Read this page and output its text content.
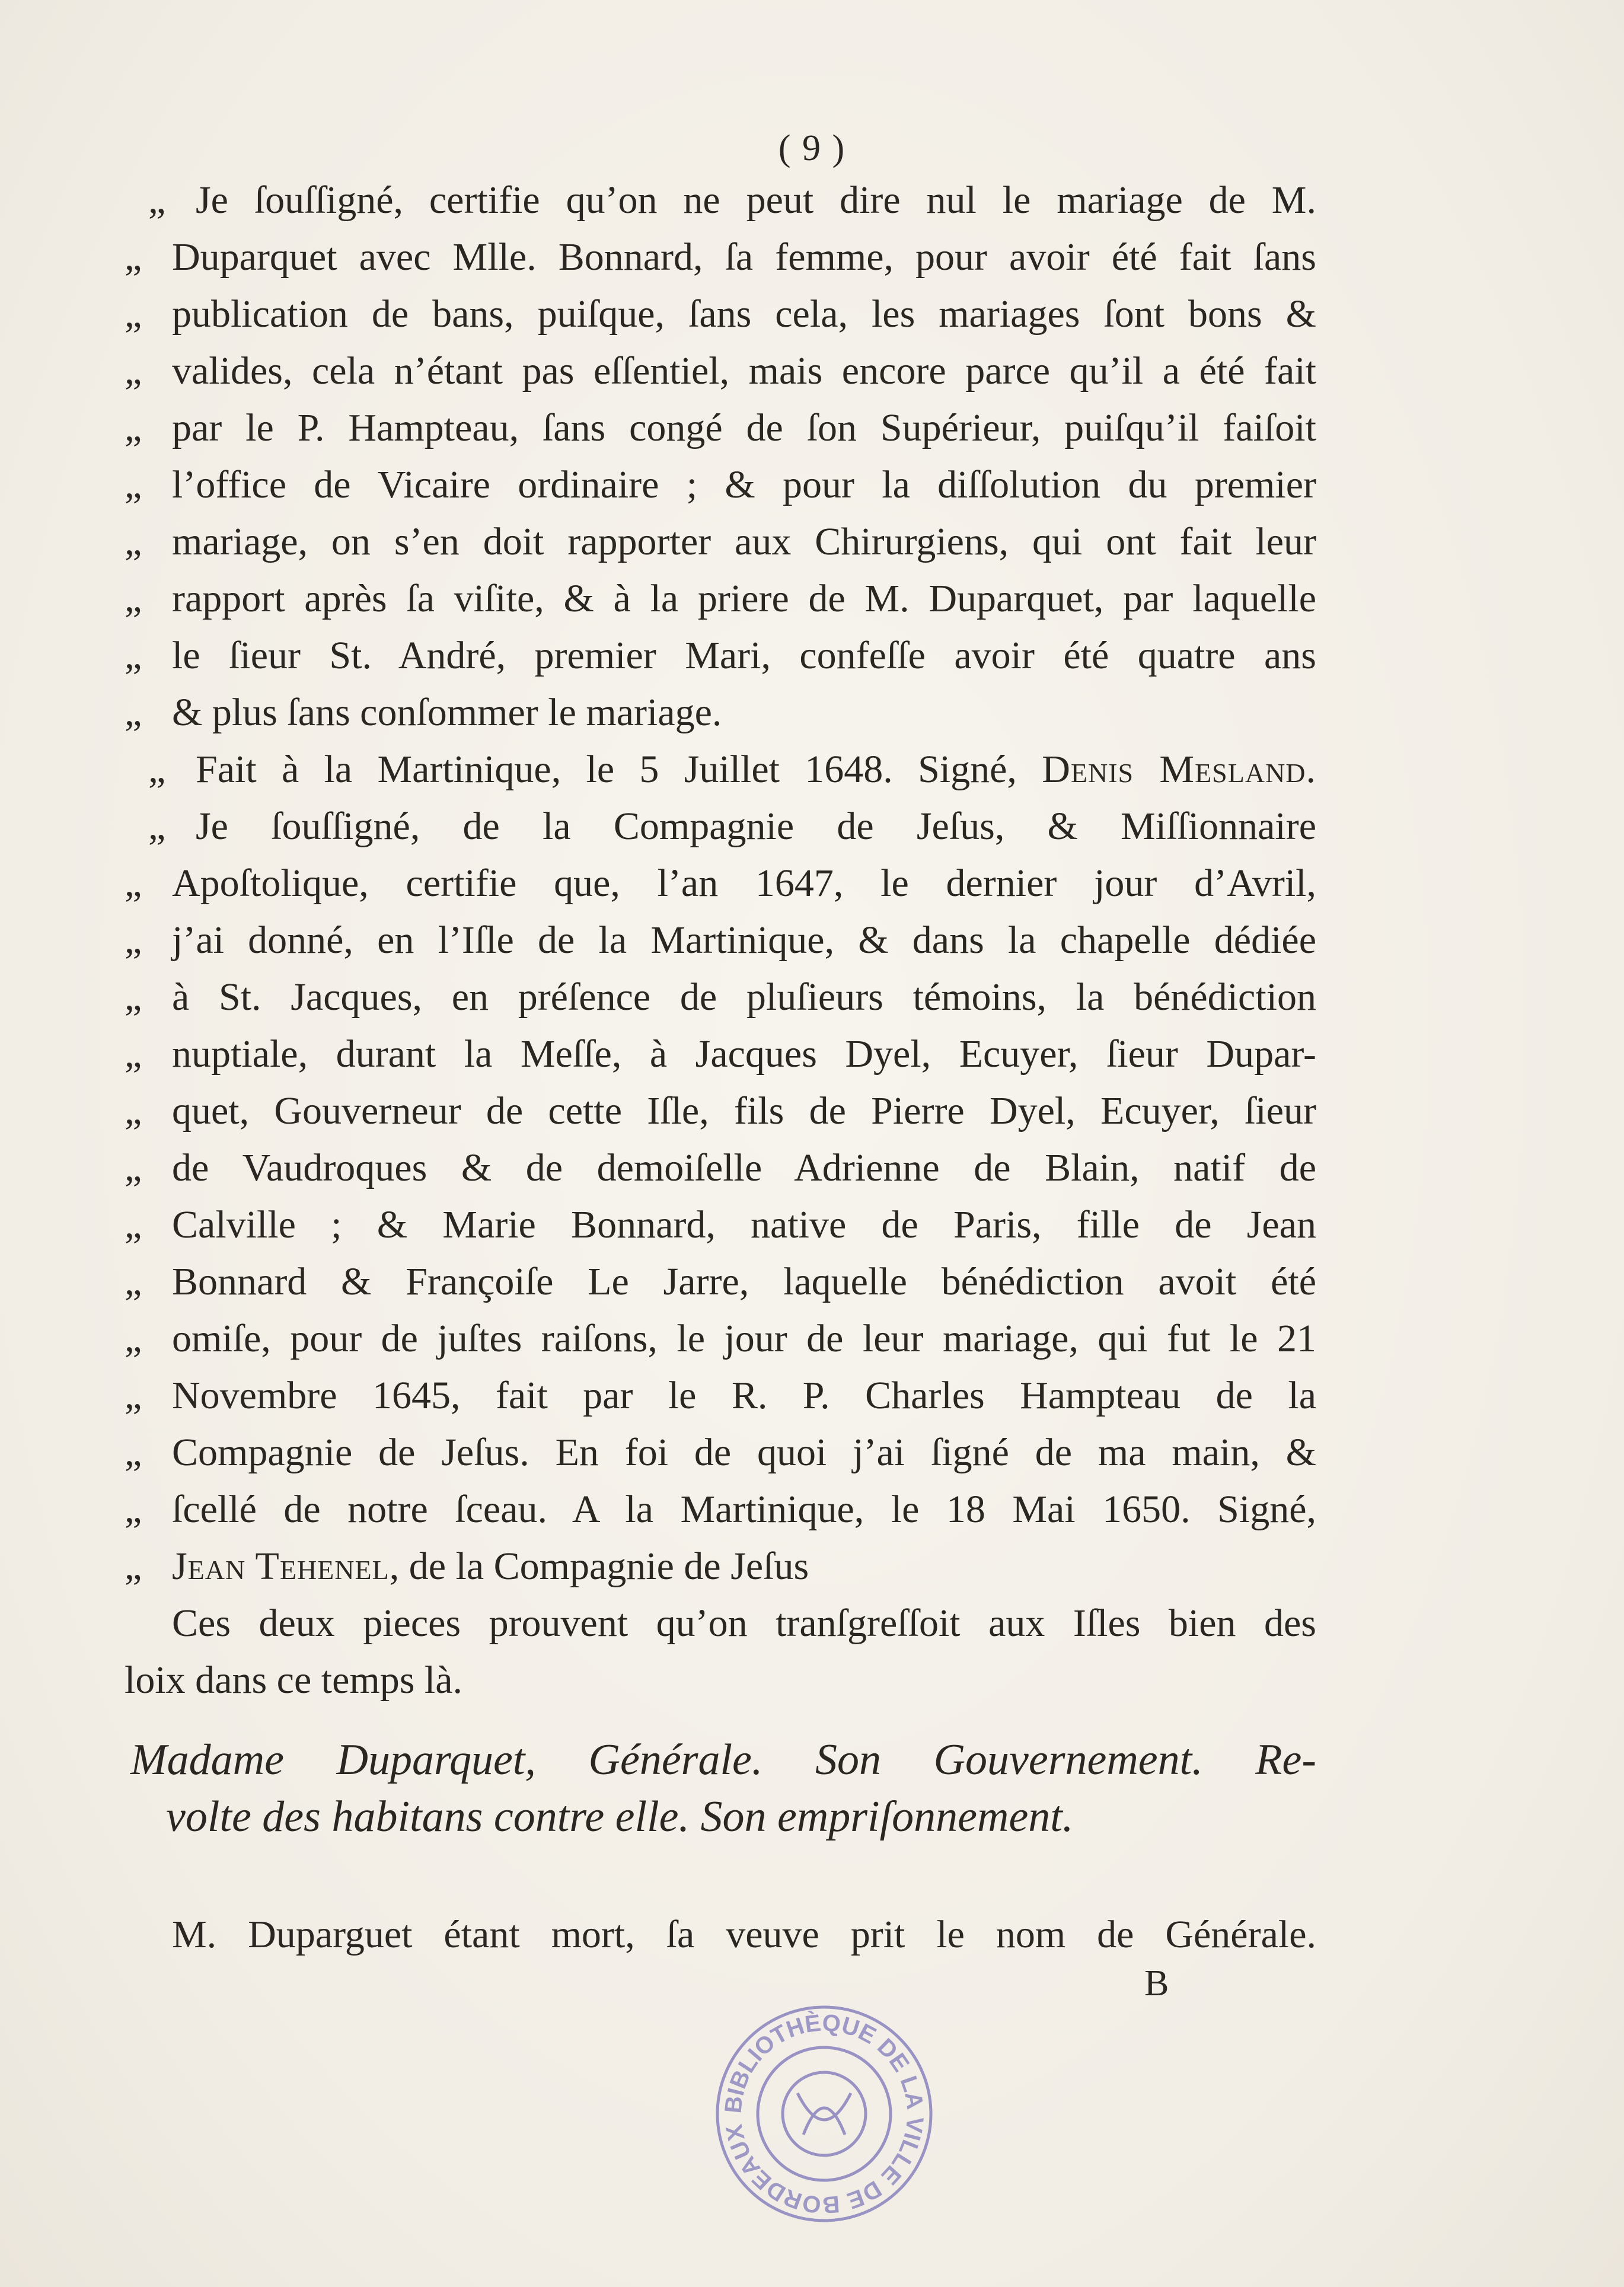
( 9 )
„ Je ſouſſigné, certifie qu’on ne peut dire nul le mariage de M.
„ Duparquet avec Mlle. Bonnard, ſa femme, pour avoir été fait ſans
„ publication de bans, puiſque, ſans cela, les mariages ſont bons &
„ valides, cela n’étant pas eſſentiel, mais encore parce qu’il a été fait
„ par le P. Hampteau, ſans congé de ſon Supérieur, puiſqu’il faiſoit
„ l’office de Vicaire ordinaire ; & pour la diſſolution du premier
„ mariage, on s’en doit rapporter aux Chirurgiens, qui ont fait leur
„ rapport après ſa viſite, & à la priere de M. Duparquet, par laquelle
„ le ſieur St. André, premier Mari, confeſſe avoir été quatre ans
„ & plus ſans conſommer le mariage.
„ Fait à la Martinique, le 5 Juillet 1648. Signé, Denis Mesland.
„ Je ſouſſigné, de la Compagnie de Jeſus, & Miſſionnaire
„ Apoſtolique, certifie que, l’an 1647, le dernier jour d’Avril,
„ j’ai donné, en l’Iſle de la Martinique, & dans la chapelle dédiée
„ à St. Jacques, en préſence de pluſieurs témoins, la bénédiction
„ nuptiale, durant la Meſſe, à Jacques Dyel, Ecuyer, ſieur Dupar-
„ quet, Gouverneur de cette Iſle, fils de Pierre Dyel, Ecuyer, ſieur
„ de Vaudroques & de demoiſelle Adrienne de Blain, natif de
„ Calville ; & Marie Bonnard, native de Paris, fille de Jean
„ Bonnard & Françoiſe Le Jarre, laquelle bénédiction avoit été
„ omiſe, pour de juſtes raiſons, le jour de leur mariage, qui fut le 21
„ Novembre 1645, fait par le R. P. Charles Hampteau de la
„ Compagnie de Jeſus. En foi de quoi j’ai ſigné de ma main, &
„ ſcellé de notre ſceau. A la Martinique, le 18 Mai 1650. Signé,
„ Jean Tehenel, de la Compagnie de Jeſus
Ces deux pieces prouvent qu’on tranſgreſſoit aux Iſles bien des
loix dans ce temps là.
Madame Duparquet, Générale. Son Gouvernement. Re-
volte des habitans contre elle. Son empriſonnement.
M. Duparguet étant mort, ſa veuve prit le nom de Générale.
B
BIBLIOTHÈQUE DE LA VILLE DE BORDEAUX
